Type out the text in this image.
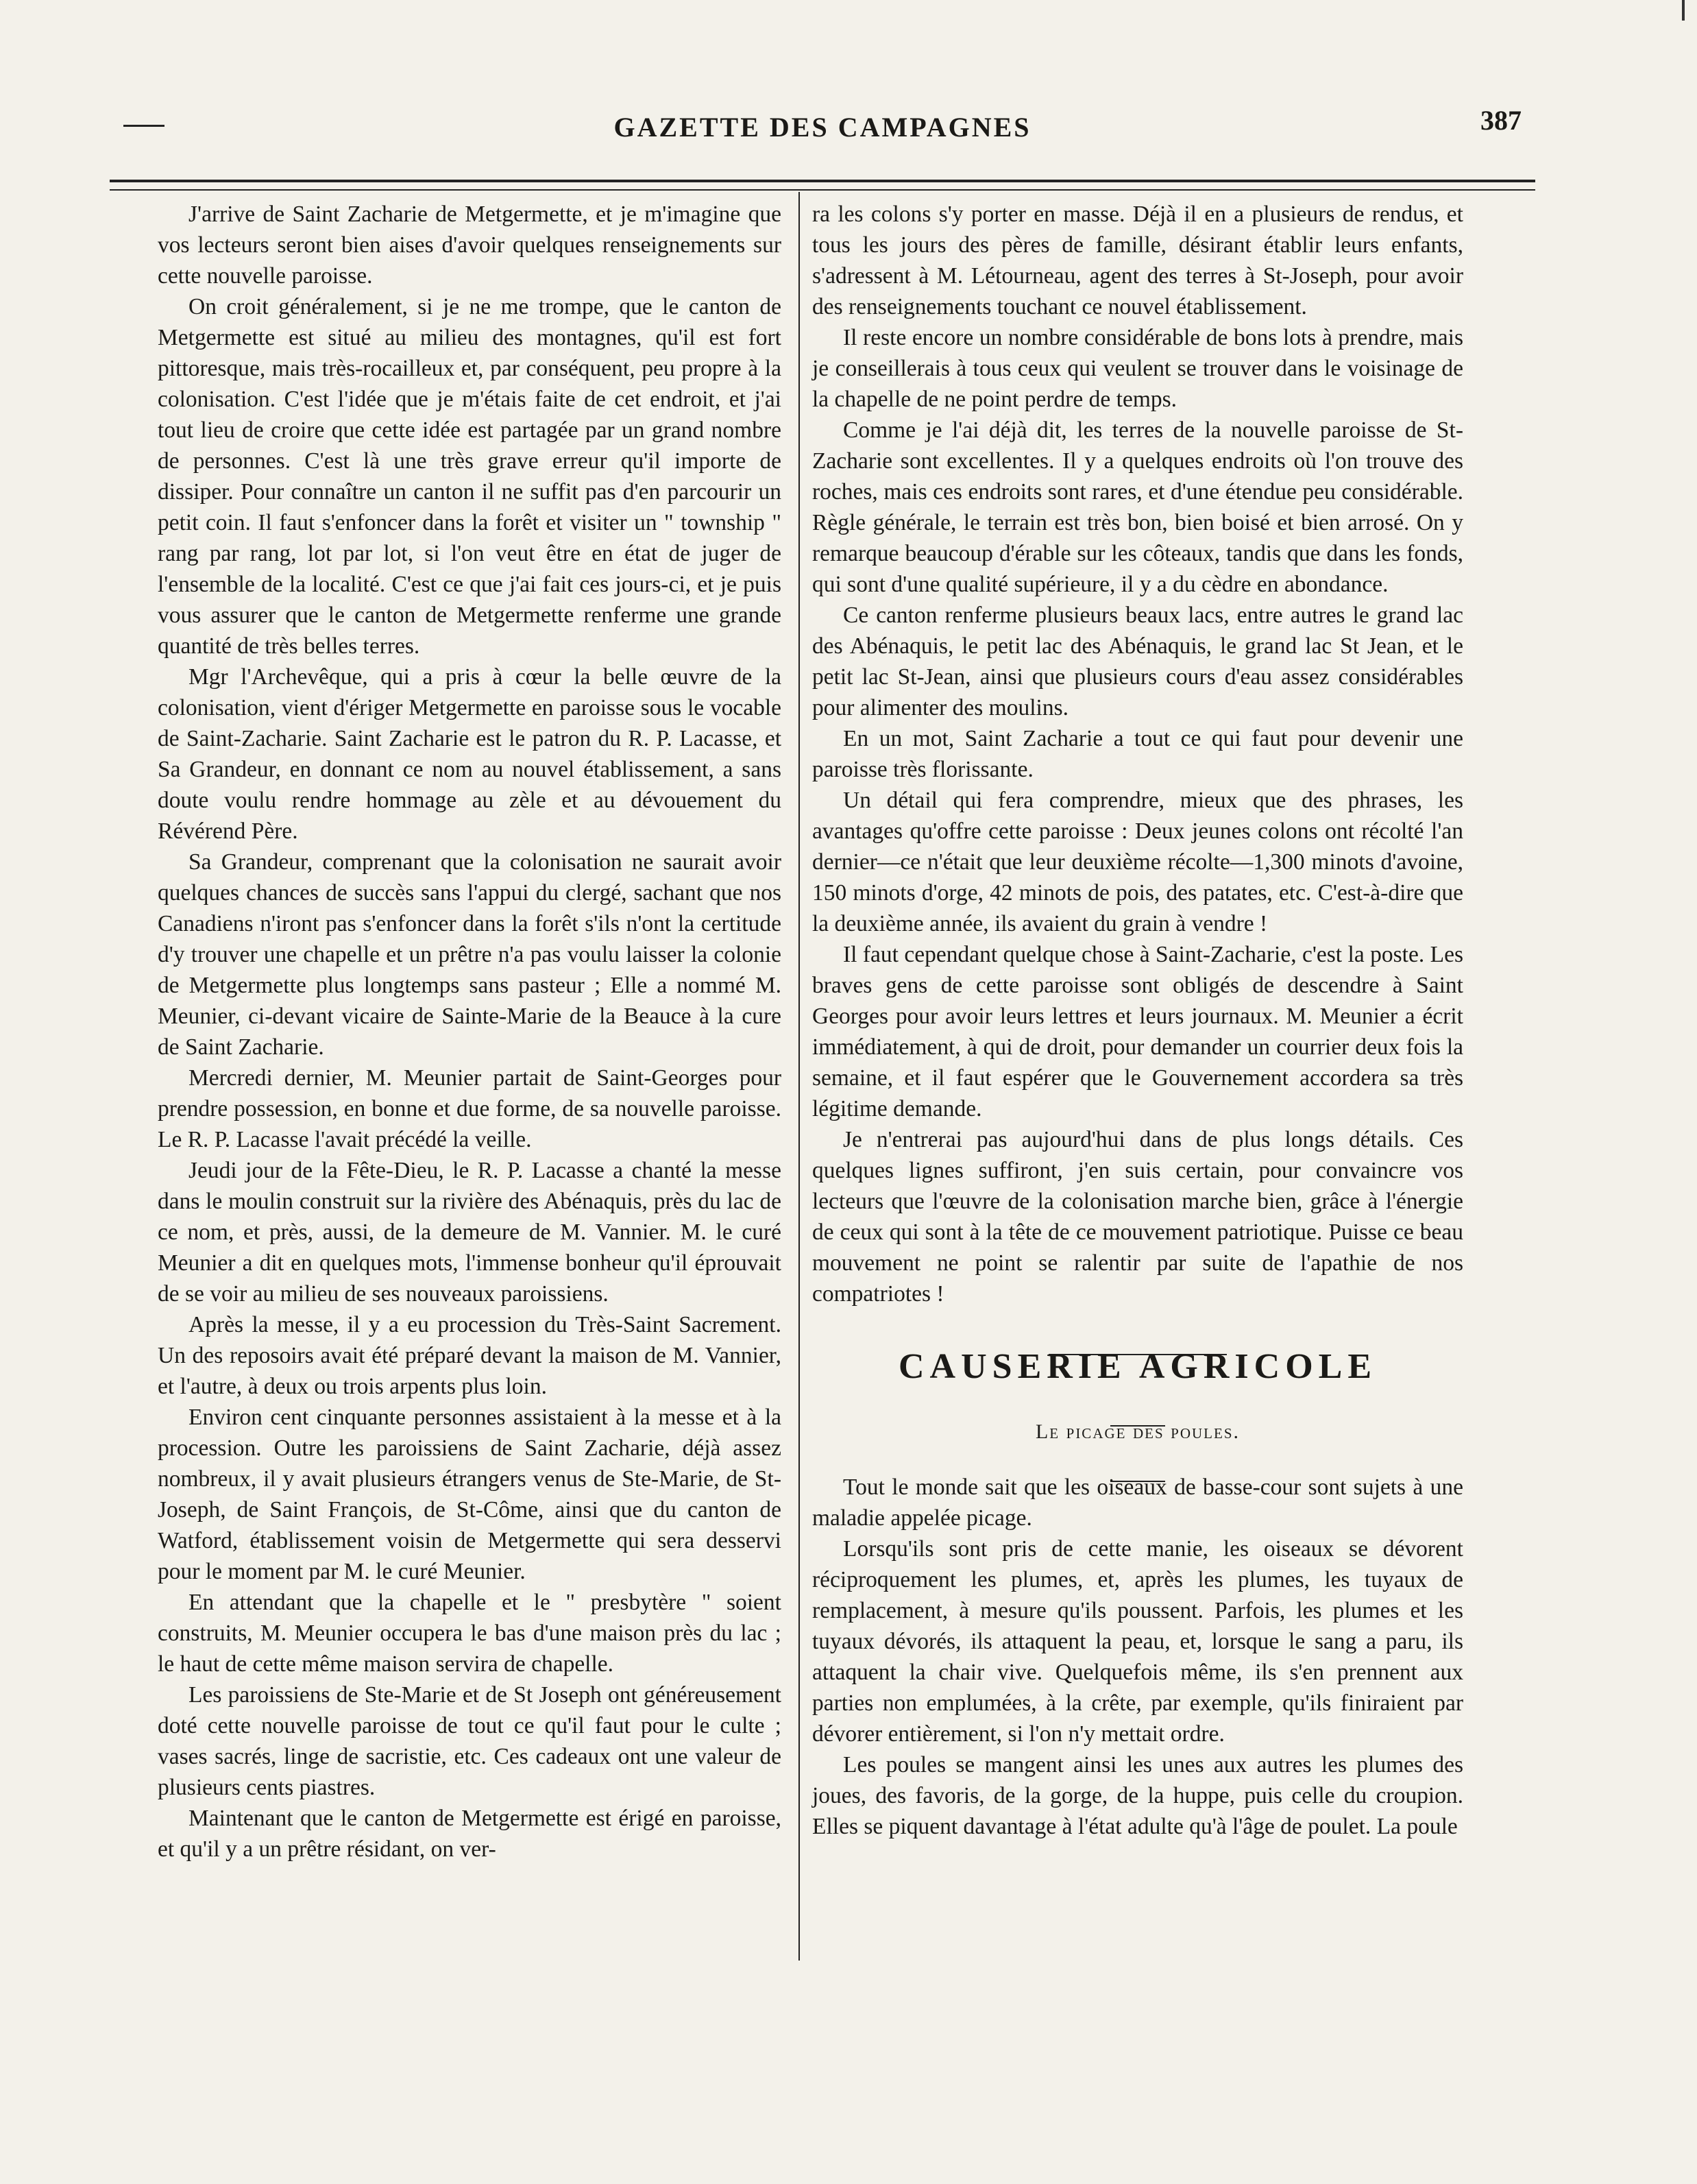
GAZETTE DES CAMPAGNES	387

J'arrive de Saint Zacharie de Metgermette, et je m'imagine que vos lecteurs seront bien aises d'avoir quelques renseignements sur cette nouvelle paroisse.

On croit généralement, si je ne me trompe, que le canton de Metgermette est situé au milieu des montagnes, qu'il est fort pittoresque, mais très-rocailleux et, par conséquent, peu propre à la colonisation. C'est l'idée que je m'étais faite de cet endroit, et j'ai tout lieu de croire que cette idée est partagée par un grand nombre de personnes. C'est là une très grave erreur qu'il importe de dissiper. Pour connaître un canton il ne suffit pas d'en parcourir un petit coin. Il faut s'enfoncer dans la forêt et visiter un " township " rang par rang, lot par lot, si l'on veut être en état de juger de l'ensemble de la localité. C'est ce que j'ai fait ces jours-ci, et je puis vous assurer que le canton de Metgermette renferme une grande quantité de très belles terres.

Mgr l'Archevêque, qui a pris à cœur la belle œuvre de la colonisation, vient d'ériger Metgermette en paroisse sous le vocable de Saint-Zacharie. Saint Zacharie est le patron du R. P. Lacasse, et Sa Grandeur, en donnant ce nom au nouvel établissement, a sans doute voulu rendre hommage au zèle et au dévouement du Révérend Père.

Sa Grandeur, comprenant que la colonisation ne saurait avoir quelques chances de succès sans l'appui du clergé, sachant que nos Canadiens n'iront pas s'enfoncer dans la forêt s'ils n'ont la certitude d'y trouver une chapelle et un prêtre n'a pas voulu laisser la colonie de Metgermette plus longtemps sans pasteur ; Elle a nommé M. Meunier, ci-devant vicaire de Sainte-Marie de la Beauce à la cure de Saint Zacharie.

Mercredi dernier, M. Meunier partait de Saint-Georges pour prendre possession, en bonne et due forme, de sa nouvelle paroisse. Le R. P. Lacasse l'avait précédé la veille.

Jeudi jour de la Fête-Dieu, le R. P. Lacasse a chanté la messe dans le moulin construit sur la rivière des Abénaquis, près du lac de ce nom, et près, aussi, de la demeure de M. Vannier. M. le curé Meunier a dit en quelques mots, l'immense bonheur qu'il éprouvait de se voir au milieu de ses nouveaux paroissiens.

Après la messe, il y a eu procession du Très-Saint Sacrement. Un des reposoirs avait été préparé devant la maison de M. Vannier, et l'autre, à deux ou trois arpents plus loin.

Environ cent cinquante personnes assistaient à la messe et à la procession. Outre les paroissiens de Saint Zacharie, déjà assez nombreux, il y avait plusieurs étrangers venus de Ste-Marie, de St-Joseph, de Saint François, de St-Côme, ainsi que du canton de Watford, établissement voisin de Metgermette qui sera desservi pour le moment par M. le curé Meunier.

En attendant que la chapelle et le " presbytère " soient construits, M. Meunier occupera le bas d'une maison près du lac ; le haut de cette même maison servira de chapelle.

Les paroissiens de Ste-Marie et de St Joseph ont généreusement doté cette nouvelle paroisse de tout ce qu'il faut pour le culte ; vases sacrés, linge de sacristie, etc. Ces cadeaux ont une valeur de plusieurs cents piastres.

Maintenant que le canton de Metgermette est érigé en paroisse, et qu'il y a un prêtre résidant, on ver-

ra les colons s'y porter en masse. Déjà il en a plusieurs de rendus, et tous les jours des pères de famille, désirant établir leurs enfants, s'adressent à M. Létourneau, agent des terres à St-Joseph, pour avoir des renseignements touchant ce nouvel établissement.

Il reste encore un nombre considérable de bons lots à prendre, mais je conseillerais à tous ceux qui veulent se trouver dans le voisinage de la chapelle de ne point perdre de temps.

Comme je l'ai déjà dit, les terres de la nouvelle paroisse de St-Zacharie sont excellentes. Il y a quelques endroits où l'on trouve des roches, mais ces endroits sont rares, et d'une étendue peu considérable. Règle générale, le terrain est très bon, bien boisé et bien arrosé. On y remarque beaucoup d'érable sur les côteaux, tandis que dans les fonds, qui sont d'une qualité supérieure, il y a du cèdre en abondance.

Ce canton renferme plusieurs beaux lacs, entre autres le grand lac des Abénaquis, le petit lac des Abénaquis, le grand lac St Jean, et le petit lac St-Jean, ainsi que plusieurs cours d'eau assez considérables pour alimenter des moulins.

En un mot, Saint Zacharie a tout ce qui faut pour devenir une paroisse très florissante.

Un détail qui fera comprendre, mieux que des phrases, les avantages qu'offre cette paroisse : Deux jeunes colons ont récolté l'an dernier—ce n'était que leur deuxième récolte—1,300 minots d'avoine, 150 minots d'orge, 42 minots de pois, des patates, etc. C'est-à-dire que la deuxième année, ils avaient du grain à vendre !

Il faut cependant quelque chose à Saint-Zacharie, c'est la poste. Les braves gens de cette paroisse sont obligés de descendre à Saint Georges pour avoir leurs lettres et leurs journaux. M. Meunier a écrit immédiatement, à qui de droit, pour demander un courrier deux fois la semaine, et il faut espérer que le Gouvernement accordera sa très légitime demande.

Je n'entrerai pas aujourd'hui dans de plus longs détails. Ces quelques lignes suffiront, j'en suis certain, pour convaincre vos lecteurs que l'œuvre de la colonisation marche bien, grâce à l'énergie de ceux qui sont à la tête de ce mouvement patriotique. Puisse ce beau mouvement ne point se ralentir par suite de l'apathie de nos compatriotes !

CAUSERIE AGRICOLE
Le picage des poules.

Tout le monde sait que les oiseaux de basse-cour sont sujets à une maladie appelée picage.

Lorsqu'ils sont pris de cette manie, les oiseaux se dévorent réciproquement les plumes, et, après les plumes, les tuyaux de remplacement, à mesure qu'ils poussent. Parfois, les plumes et les tuyaux dévorés, ils attaquent la peau, et, lorsque le sang a paru, ils attaquent la chair vive. Quelquefois même, ils s'en prennent aux parties non emplumées, à la crête, par exemple, qu'ils finiraient par dévorer entièrement, si l'on n'y mettait ordre.

Les poules se mangent ainsi les unes aux autres les plumes des joues, des favoris, de la gorge, de la huppe, puis celle du croupion. Elles se piquent davantage à l'état adulte qu'à l'âge de poulet. La poule
